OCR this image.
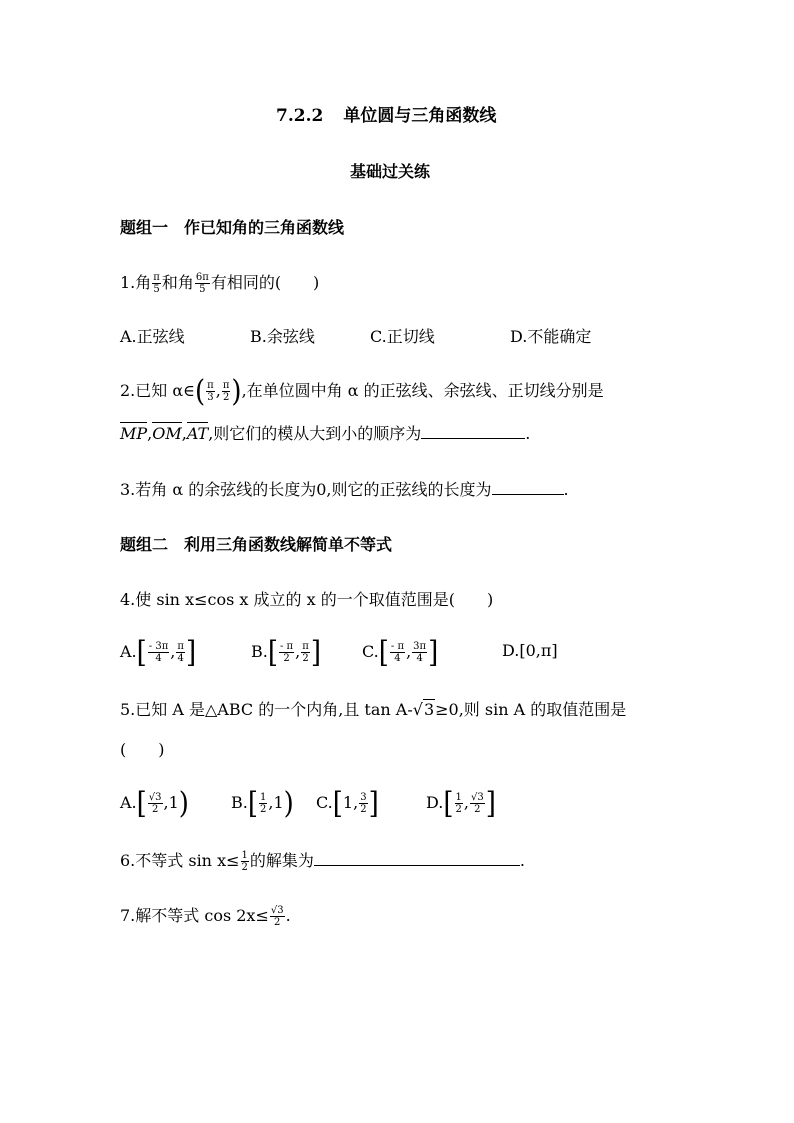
7.2.2 单位圆与三角函数线
基础过关练
题组一　作已知角的三角函数线
1.角 $\frac{\pi}{5}$ 和角 $\frac{6\pi}{5}$ 有相同的(　　)
A.正弦线	B.余弦线	C.正切线	D.不能确定
2.已知 α∈( $\frac{\pi}{3}$ , $\frac{\pi}{2}$ ),在单位圆中角 α 的正弦线、余弦线、正切线分别是
MP,OM,AT,则它们的模从大到小的顺序为	.
3.若角 α 的余弦线的长度为0,则它的正弦线的长度为	.
题组二　利用三角函数线解简单不等式
4.使 sin x≤cos x 成立的 x 的一个取值范围是(　　)
$A.[ \frac{- 3\pi}{4}$ , $\frac{\pi}{4}$ ]	$B.[ \frac{- \pi}{2}$ , $\frac{\pi}{2}$ ]	$C.[ \frac{- \pi}{4}$ , $\frac{3\pi}{4}$ ]	D.[0,π]
5.已知 A 是△ABC 的一个内角,且 tan A-√3≥0,则 sin A 的取值范围是
(　　)
$A.[ \frac{√3}{2} ,1)$	$B.[ \frac{1}{2} ,1)$ C.[1, $\frac{3}{2}$ ]	$D.[ \frac{1}{2}$ , $\frac{√3}{2}$ ]
6.不等式 $\sin x\le \frac{1}{2}$ 的解集为	.
7.解不等式 $\cos 2x\le \frac{√3}{2}$ .
